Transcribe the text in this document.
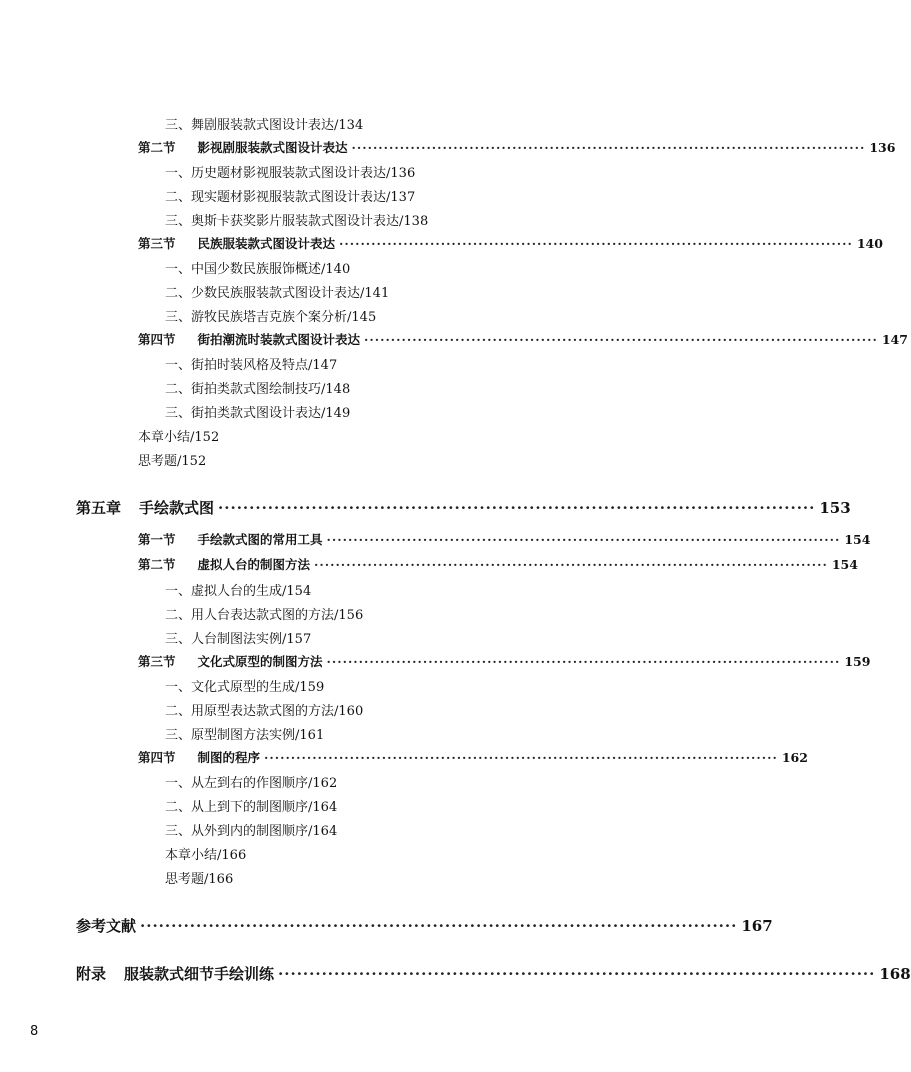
三、舞剧服装款式图设计表达 / 134
第二节 影视剧服装款式图设计表达 ································································································ 136
一、历史题材影视服装款式图设计表达 / 136
二、现实题材影视服装款式图设计表达 / 137
三、奥斯卡获奖影片服装款式图设计表达 / 138
第三节 民族服装款式图设计表达 ································································································ 140
一、中国少数民族服饰概述 / 140
二、少数民族服装款式图设计表达 / 141
三、游牧民族塔吉克族个案分析 / 145
第四节 街拍潮流时装款式图设计表达 ································································································ 147
一、街拍时装风格及特点 / 147
二、街拍类款式图绘制技巧 / 148
三、街拍类款式图设计表达 / 149
本章小结 / 152
思考题 / 152
第五章 手绘款式图 ································································································ 153
第一节 手绘款式图的常用工具 ································································································ 154
第二节 虚拟人台的制图方法 ································································································ 154
一、虚拟人台的生成 / 154
二、用人台表达款式图的方法 / 156
三、人台制图法实例 / 157
第三节 文化式原型的制图方法 ································································································ 159
一、文化式原型的生成 / 159
二、用原型表达款式图的方法 / 160
三、原型制图方法实例 / 161
第四节 制图的程序 ································································································ 162
一、从左到右的作图顺序 / 162
二、从上到下的制图顺序 / 164
三、从外到内的制图顺序 / 164
本章小结 / 166
思考题 / 166
参考文献 ································································································ 167
附录 服装款式细节手绘训练 ································································································ 168
8
